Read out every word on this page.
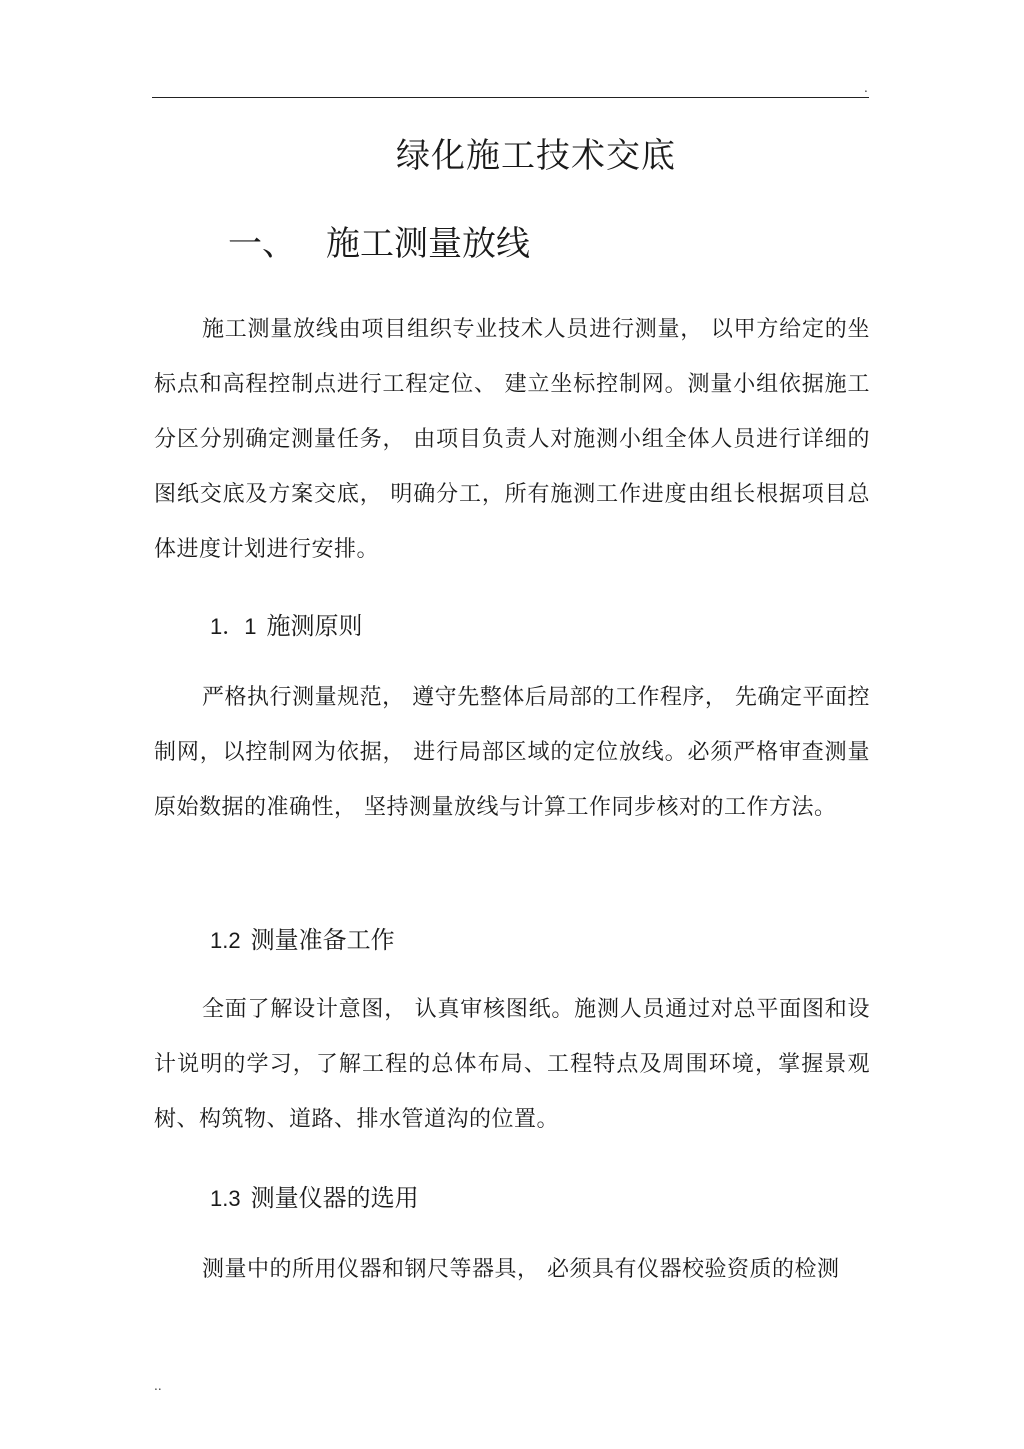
.
绿化施工技术交底
一、 施工测量放线

施工测量放线由项目组织专业技术人员进行测量， 以甲方给定的坐标点和高程控制点进行工程定位、 建立坐标控制网。测量小组依据施工分区分别确定测量任务， 由项目负责人对施测小组全体人员进行详细的图纸交底及方案交底， 明确分工，所有施测工作进度由组长根据项目总体进度计划进行安排。

1．1 施测原则

严格执行测量规范， 遵守先整体后局部的工作程序， 先确定平面控制网，以控制网为依据， 进行局部区域的定位放线。必须严格审查测量原始数据的准确性， 坚持测量放线与计算工作同步核对的工作方法。

1.2 测量准备工作

全面了解设计意图， 认真审核图纸。施测人员通过对总平面图和设计说明的学习，了解工程的总体布局、工程特点及周围环境，掌握景观树、构筑物、道路、排水管道沟的位置。

1.3 测量仪器的选用

测量中的所用仪器和钢尺等器具， 必须具有仪器校验资质的检测

..
